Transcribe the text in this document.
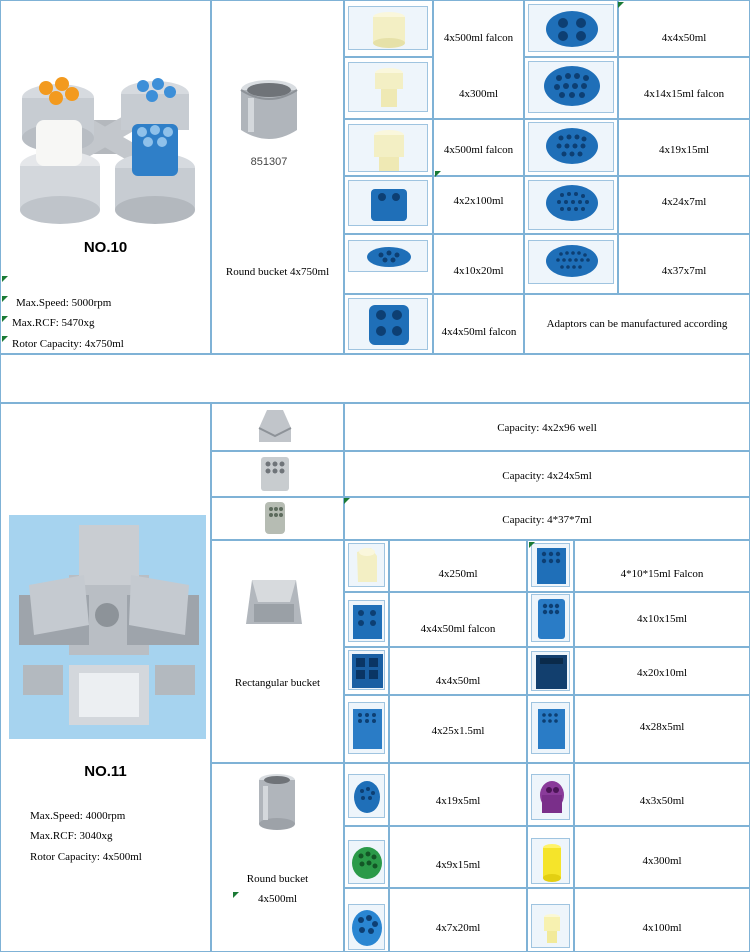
NO.10
Max.Speed: 5000rpm
Max.RCF: 5470xg
Rotor Capacity: 4x750ml
851307
Round bucket 4x750ml
4x500ml falcon
4x300ml
4x500ml falcon
4x2x100ml
4x10x20ml
4x4x50ml falcon
4x4x50ml
4x14x15ml falcon
4x19x15ml
4x24x7ml
4x37x7ml
Adaptors can be manufactured according
NO.11
Max.Speed: 4000rpm
Max.RCF: 3040xg
Rotor Capacity: 4x500ml
Capacity: 4x2x96 well
Capacity: 4x24x5ml
Capacity: 4*37*7ml
Rectangular bucket
4x250ml
4x4x50ml falcon
4x4x50ml
4x25x1.5ml
4*10*15ml Falcon
4x10x15ml
4x20x10ml
4x28x5ml
Round bucket
4x500ml
4x19x5ml
4x9x15ml
4x7x20ml
4x3x50ml
4x300ml
4x100ml
